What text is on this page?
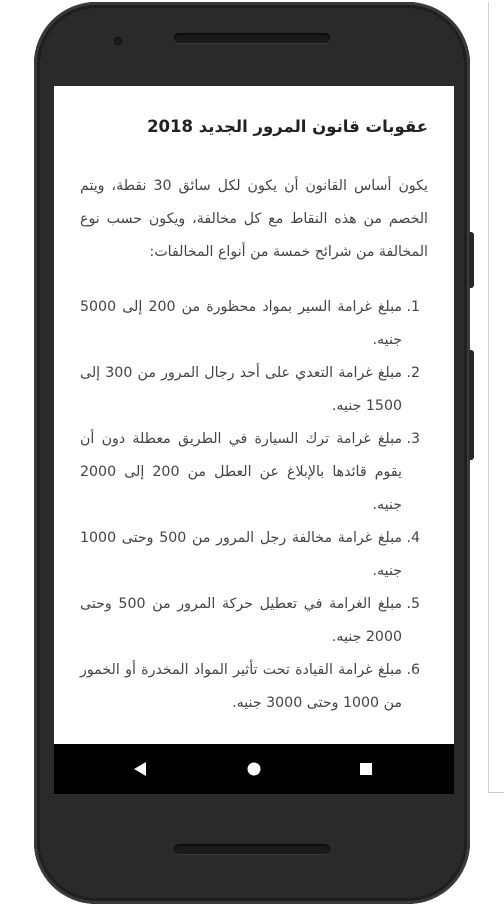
عقوبات قانون المرور الجديد 2018

يكون أساس القانون أن يكون لكل سائق 30 نقطة، ويتم الخصم من هذه النقاط مع كل مخالفة، ويكون حسب نوع المخالفة من شرائح خمسة من أنواع المخالفات:

1. مبلغ غرامة السير بمواد محظورة من 200 إلى 5000 جنيه.
2. مبلغ غرامة التعدي على أحد رجال المرور من 300 إلى 1500 جنيه.
3. مبلغ غرامة ترك السيارة في الطريق معطلة دون أن يقوم قائدها بالإبلاغ عن العطل من 200 إلى 2000 جنيه.
4. مبلغ غرامة مخالفة رجل المرور من 500 وحتى 1000 جنيه.
5. مبلغ الغرامة في تعطيل حركة المرور من 500 وحتى 2000 جنيه.
6. مبلغ غرامة القيادة تحت تأثير المواد المخدرة أو الخمور من 1000 وحتى 3000 جنيه.
